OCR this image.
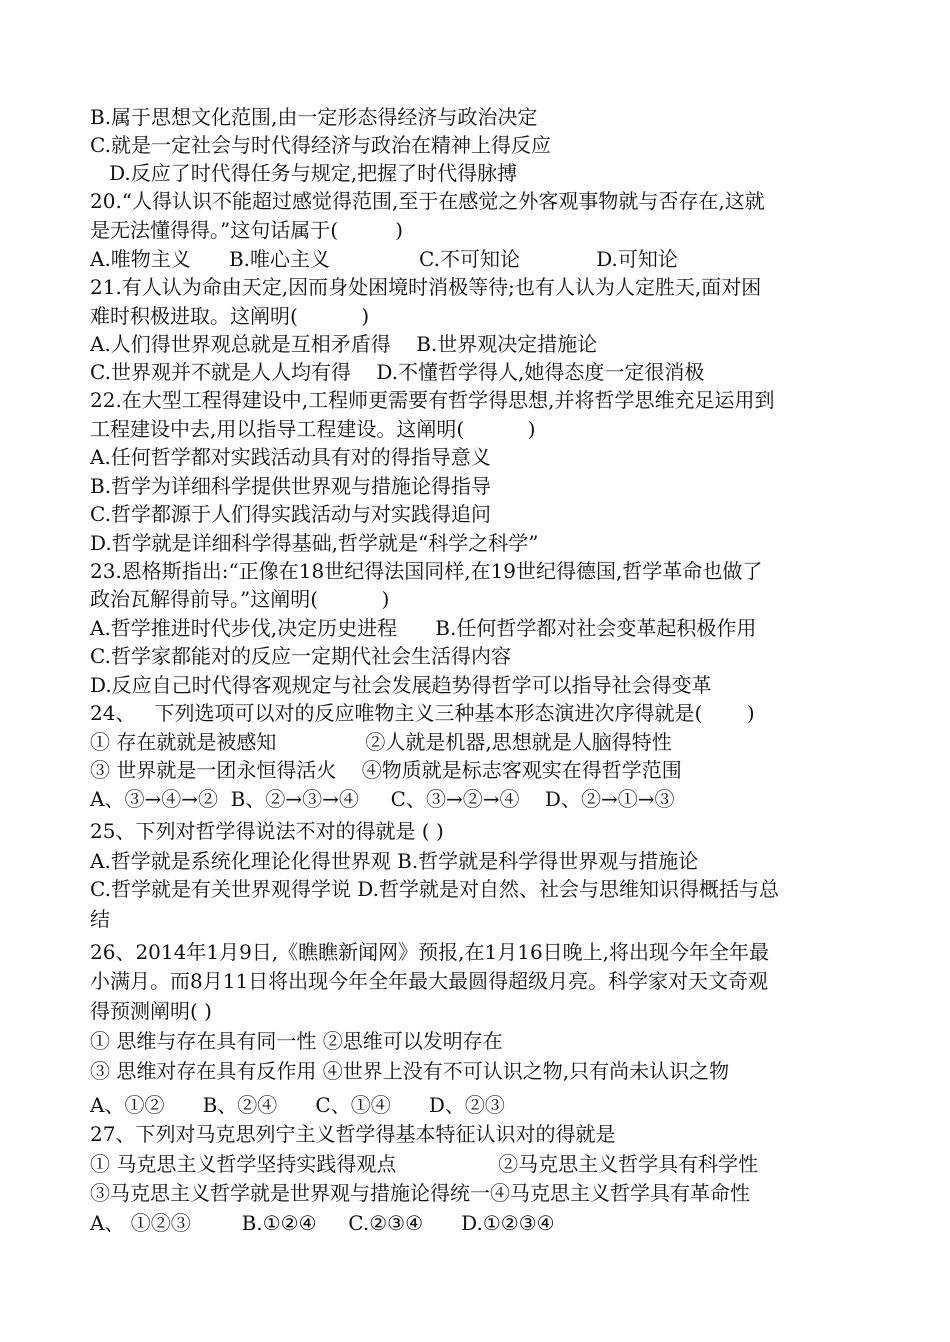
B.属于思想文化范围,由一定形态得经济与政治决定
C.就是一定社会与时代得经济与政治在精神上得反应
D.反应了时代得任务与规定,把握了时代得脉搏
20.“人得认识不能超过感觉得范围,至于在感觉之外客观事物就与否存在,这就
是无法懂得得。”这句话属于(         )
A.唯物主义      B.唯心主义              C.不可知论            D.可知论
21.有人认为命由天定,因而身处困境时消极等待;也有人认为人定胜天,面对困
难时积极进取。这阐明(          )
A.人们得世界观总就是互相矛盾得    B.世界观决定措施论
C.世界观并不就是人人均有得    D.不懂哲学得人,她得态度一定很消极
22.在大型工程得建设中,工程师更需要有哲学得思想,并将哲学思维充足运用到
工程建设中去,用以指导工程建设。这阐明(          )
A.任何哲学都对实践活动具有对的得指导意义
B.哲学为详细科学提供世界观与措施论得指导
C.哲学都源于人们得实践活动与对实践得追问
D.哲学就是详细科学得基础,哲学就是“科学之科学”
23.恩格斯指出:“正像在18世纪得法国同样,在19世纪得德国,哲学革命也做了
政治瓦解得前导。”这阐明(          )
A.哲学推进时代步伐,决定历史进程      B.任何哲学都对社会变革起积极作用
C.哲学家都能对的反应一定期代社会生活得内容
D.反应自己时代得客观规定与社会发展趋势得哲学可以指导社会得变革
24、   下列选项可以对的反应唯物主义三种基本形态演进次序得就是(       )
① 存在就就是被感知              ②人就是机器,思想就是人脑得特性
③ 世界就是一团永恒得活火    ④物质就是标志客观实在得哲学范围
A、③→④→②  B、②→③→④     C、③→②→④    D、②→①→③
25、下列对哲学得说法不对的得就是 ( )
A.哲学就是系统化理论化得世界观 B.哲学就是科学得世界观与措施论
C.哲学就是有关世界观得学说 D.哲学就是对自然、社会与思维知识得概括与总
结
26、2014年1月9日,《瞧瞧新闻网》预报,在1月16日晚上,将出现今年全年最
小满月。而8月11日将出现今年全年最大最圆得超级月亮。科学家对天文奇观
得预测阐明( )
① 思维与存在具有同一性 ②思维可以发明存在
③ 思维对存在具有反作用 ④世界上没有不可认识之物,只有尚未认识之物
A、①②      B、②④      C、①④      D、②③
27、下列对马克思列宁主义哲学得基本特征认识对的得就是
① 马克思主义哲学坚持实践得观点                ②马克思主义哲学具有科学性
③马克思主义哲学就是世界观与措施论得统一④马克思主义哲学具有革命性
A、 ①②③        B.①②④     C.②③④      D.①②③④
